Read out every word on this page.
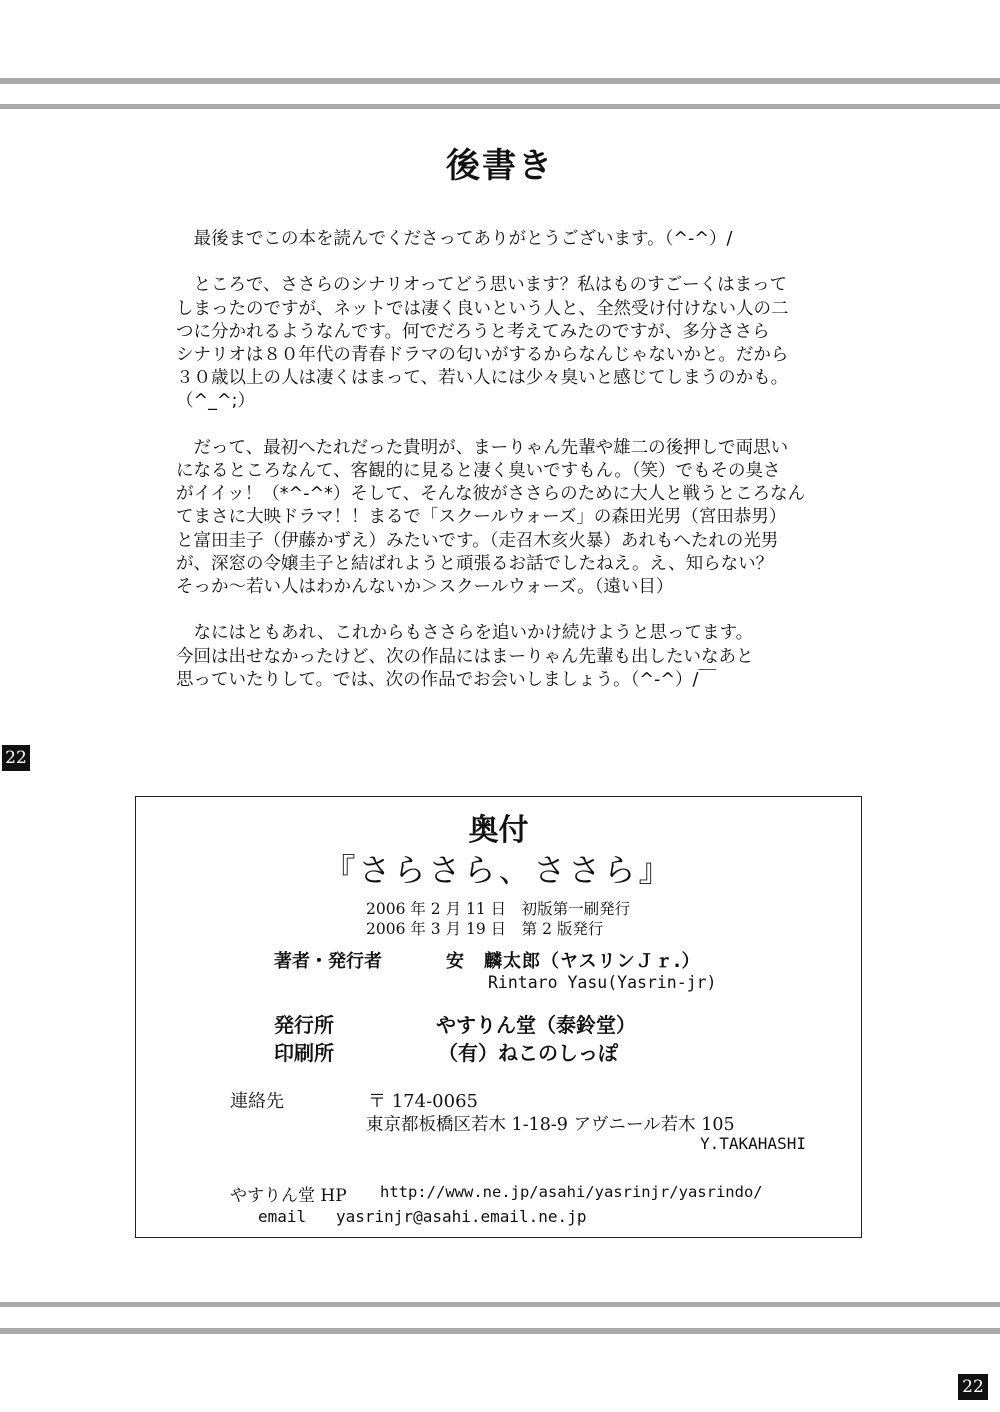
後書き

　最後までこの本を読んでくださってありがとうございます。（^-^）/

　ところで、ささらのシナリオってどう思います？私はものすごーくはまって
しまったのですが、ネットでは凄く良いという人と、全然受け付けない人の二
つに分かれるようなんです。何でだろうと考えてみたのですが、多分ささら
シナリオは８０年代の青春ドラマの匂いがするからなんじゃないかと。だから
３０歳以上の人は凄くはまって、若い人には少々臭いと感じてしまうのかも。
（^_^;）

　だって、最初へたれだった貴明が、まーりゃん先輩や雄二の後押しで両思い
になるところなんて、客観的に見ると凄く臭いですもん。（笑）でもその臭さ
がイイッ！（*^-^*）そして、そんな彼がささらのために大人と戦うところなん
てまさに大映ドラマ！！まるで「スクールウォーズ」の森田光男（宮田恭男）
と富田圭子（伊藤かずえ）みたいです。（走召木亥火暴）あれもへたれの光男
が、深窓の令嬢圭子と結ばれようと頑張るお話でしたねえ。え、知らない？
そっか～若い人はわかんないか＞スクールウォーズ。（遠い目）

　なにはともあれ、これからもささらを追いかけ続けようと思ってます。
今回は出せなかったけど、次の作品にはまーりゃん先輩も出したいなあと
思っていたりして。では、次の作品でお会いしましょう。（^-^）/￣

22
奥付
『さらさら、ささら』
2006 年 2 月 11 日　初版第一刷発行
2006 年 3 月 19 日　第 2 版発行
著者・発行者	安　麟太郎（ヤスリンＪｒ.）
Rintaro Yasu(Yasrin-jr)
発行所	やすりん堂（泰鈴堂）
印刷所	（有）ねこのしっぽ
連絡先	〒 174-0065
東京都板橋区若木 1-18-9 アヴニール若木 105
Y.TAKAHASHI
やすりん堂 HP http://www.ne.jp/asahi/yasrinjr/yasrindo/
email yasrinjr@asahi.email.ne.jp
22
